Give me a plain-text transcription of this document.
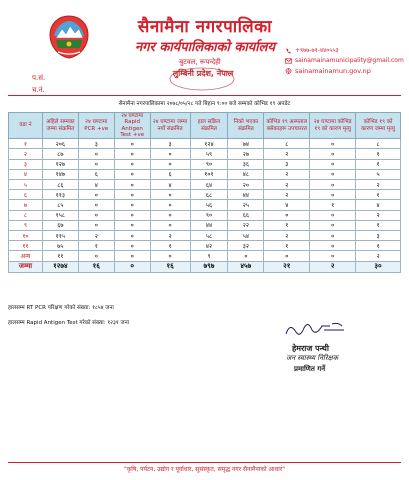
सैनामैना नगरपालिका
नगर कार्यपालिकाको कार्यालय
बुटवल, रूपन्देही
लुम्बिनी प्रदेश, नेपाल
+९७७-७१-४४०५५३
sainamainamunicipality@gmail.com
sainamainamun.gov.np
प.सं.
च.नं.
सैनामैना नगरपालिकामा २०७८/०५/२८ गते बिहान ९:०० बजे सम्मको कोभिड १९ अपडेट
वडा नं	अहिले सम्मका जम्मा संक्रमित	२४ घण्टामा PCR +ve	२४ घण्टामा Rapid Antigen Test +ve	२४ घण्टामा जम्मा नयाँ संक्रमित	हाल सक्रिय संक्रमित	निको भएका संक्रमित	कोभिड १९ अस्पताल बसेकाहरू उपचाररत	२४ घण्टामा कोभिड १९ को कारण मृत्यु	कोभिड १९ को कारण जम्मा मृत्यु
१	२०६	३	०	३	१२४	७४	८	०	८
२	८७	०	०	०	५९	२७	२	०	१
३	१२७	०	०	०	९०	३६	३	०	१
४	१४७	६	०	६	१०१	४८	२	०	५
५	८६	४	०	४	६४	२०	२	०	२
६	११३	०	०	०	६८	४४	२	०	१
७	८५	०	०	०	५६	२५	४	१	४
८	१५८	०	०	०	९०	६६	०	०	२
९	६७	०	०	०	४४	२२	१	०	१
१०	११५	२	०	२	५८	५४	२	०	३
११	७५	१	०	१	४२	३२	१	०	१
अन्य	११	०	०	०	९	०	०	०	२
जम्मा	१२७४	१६	०	१६	७९७	४५७	२१	२	३०
हालसम्म RT PCR परिक्षण गरेको संख्या: १८५४ जना
हालसम्म Rapid Antigen Test गरेको संख्या: १२३१ जना
हेमराज पन्थी
जन स्वास्थ्य निरिक्षक
प्रमाणित गर्ने
"कृषि, पर्यटन, उद्योग र पूर्वाधार, सुसंस्कृत, समृद्ध नगर सैनामैनाको आधार"
